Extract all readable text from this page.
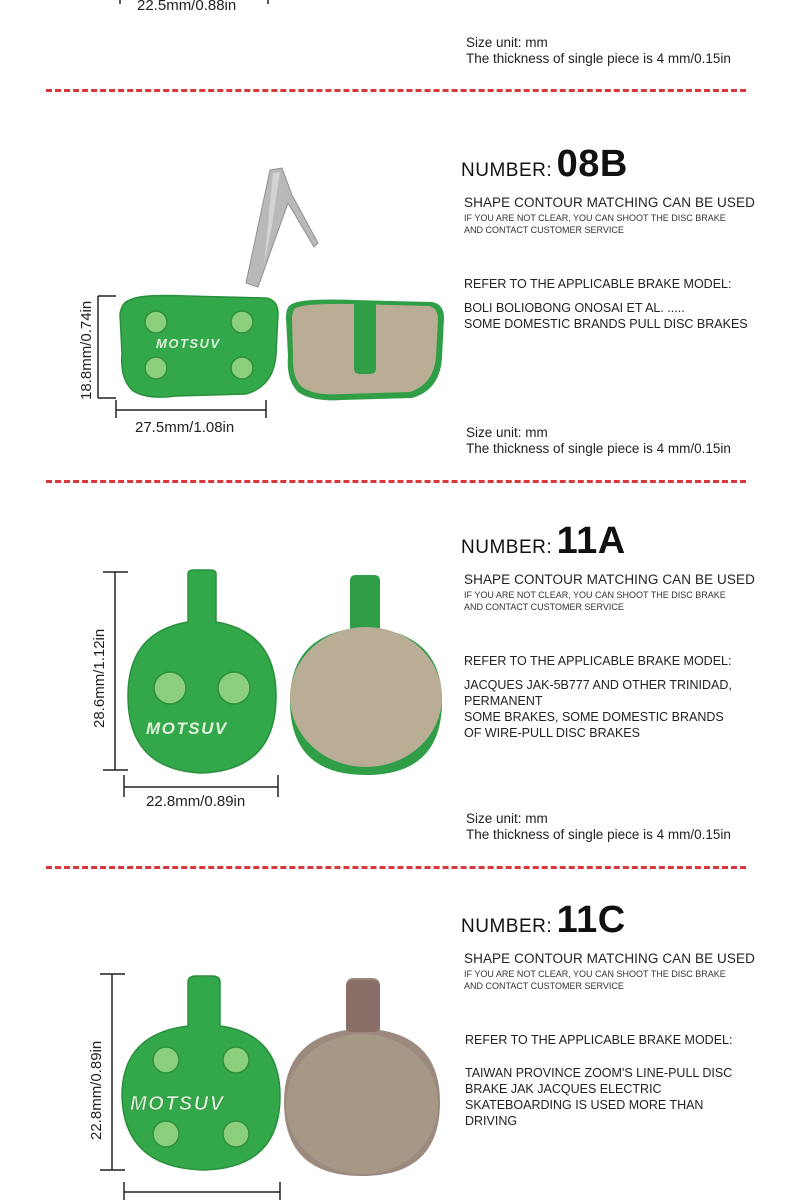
22.5mm/0.88in
Size unit: mm
The thickness of single piece is 4 mm/0.15in
MOTSUV
18.8mm/0.74in
27.5mm/1.08in
NUMBER: 08B
SHAPE CONTOUR MATCHING CAN BE USED
IF YOU ARE NOT CLEAR, YOU CAN SHOOT THE DISC BRAKE AND CONTACT CUSTOMER SERVICE
REFER TO THE APPLICABLE BRAKE MODEL:
BOLI BOLIOBONG ONOSAI ET AL. .....
SOME DOMESTIC BRANDS PULL DISC BRAKES
Size unit: mm
The thickness of single piece is 4 mm/0.15in
MOTSUV
28.6mm/1.12in
22.8mm/0.89in
NUMBER: 11A
SHAPE CONTOUR MATCHING CAN BE USED
IF YOU ARE NOT CLEAR, YOU CAN SHOOT THE DISC BRAKE AND CONTACT CUSTOMER SERVICE
REFER TO THE APPLICABLE BRAKE MODEL:
JACQUES JAK-5B777 AND OTHER TRINIDAD, PERMANENT
SOME BRAKES, SOME DOMESTIC BRANDS OF WIRE-PULL DISC BRAKES
Size unit: mm
The thickness of single piece is 4 mm/0.15in
MOTSUV
22.8mm/0.89in
NUMBER: 11C
SHAPE CONTOUR MATCHING CAN BE USED
IF YOU ARE NOT CLEAR, YOU CAN SHOOT THE DISC BRAKE AND CONTACT CUSTOMER SERVICE
REFER TO THE APPLICABLE BRAKE MODEL:
TAIWAN PROVINCE ZOOM'S LINE-PULL DISC BRAKE JAK JACQUES ELECTRIC SKATEBOARDING IS USED MORE THAN DRIVING
